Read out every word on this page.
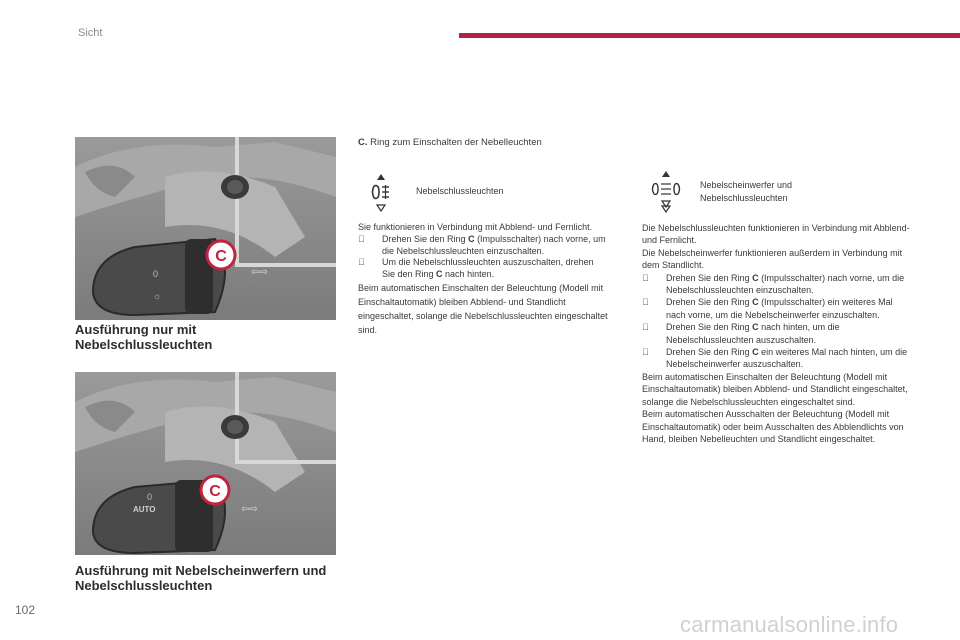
Sicht
0
☼
C
⇦⇨
Ausführung nur mit Nebelschlussleuchten
AUTO
0	C
⇦⇨
Ausführung mit Nebelscheinwerfern und Nebelschlussleuchten
C. Ring zum Einschalten der Nebelleuchten
Nebelschlussleuchten
Nebelscheinwerfer und Nebelschlussleuchten

Sie funktionieren in Verbindung mit Abblend- und Fernlicht.

Drehen Sie den Ring C (Impulsschalter) nach vorne, um die Nebelschlussleuchten einzuschalten.
Um die Nebelschlussleuchten auszuschalten, drehen Sie den Ring C nach hinten.

Beim automatischen Einschalten der Beleuchtung (Modell mit Einschaltautomatik) bleiben Abblend- und Standlicht eingeschaltet, solange die Nebelschlussleuchten eingeschaltet sind.

Die Nebelschlussleuchten funktionieren in Verbindung mit Abblend- und Fernlicht.

Die Nebelscheinwerfer funktionieren außerdem in Verbindung mit dem Standlicht.

Drehen Sie den Ring C (Impulsschalter) nach vorne, um die Nebelschlussleuchten einzuschalten.
Drehen Sie den Ring C (Impulsschalter) ein weiteres Mal nach vorne, um die Nebelscheinwerfer einzuschalten.
Drehen Sie den Ring C nach hinten, um die Nebelschlussleuchten auszuschalten.
Drehen Sie den Ring C ein weiteres Mal nach hinten, um die Nebelscheinwerfer auszuschalten.

Beim automatischen Einschalten der Beleuchtung (Modell mit Einschaltautomatik) bleiben Abblend- und Standlicht eingeschaltet, solange die Nebelschlussleuchten eingeschaltet sind.

Beim automatischen Ausschalten der Beleuchtung (Modell mit Einschaltautomatik) oder beim Ausschalten des Abblendlichts von Hand, bleiben Nebelleuchten und Standlicht eingeschaltet.

102
carmanualsonline.info
